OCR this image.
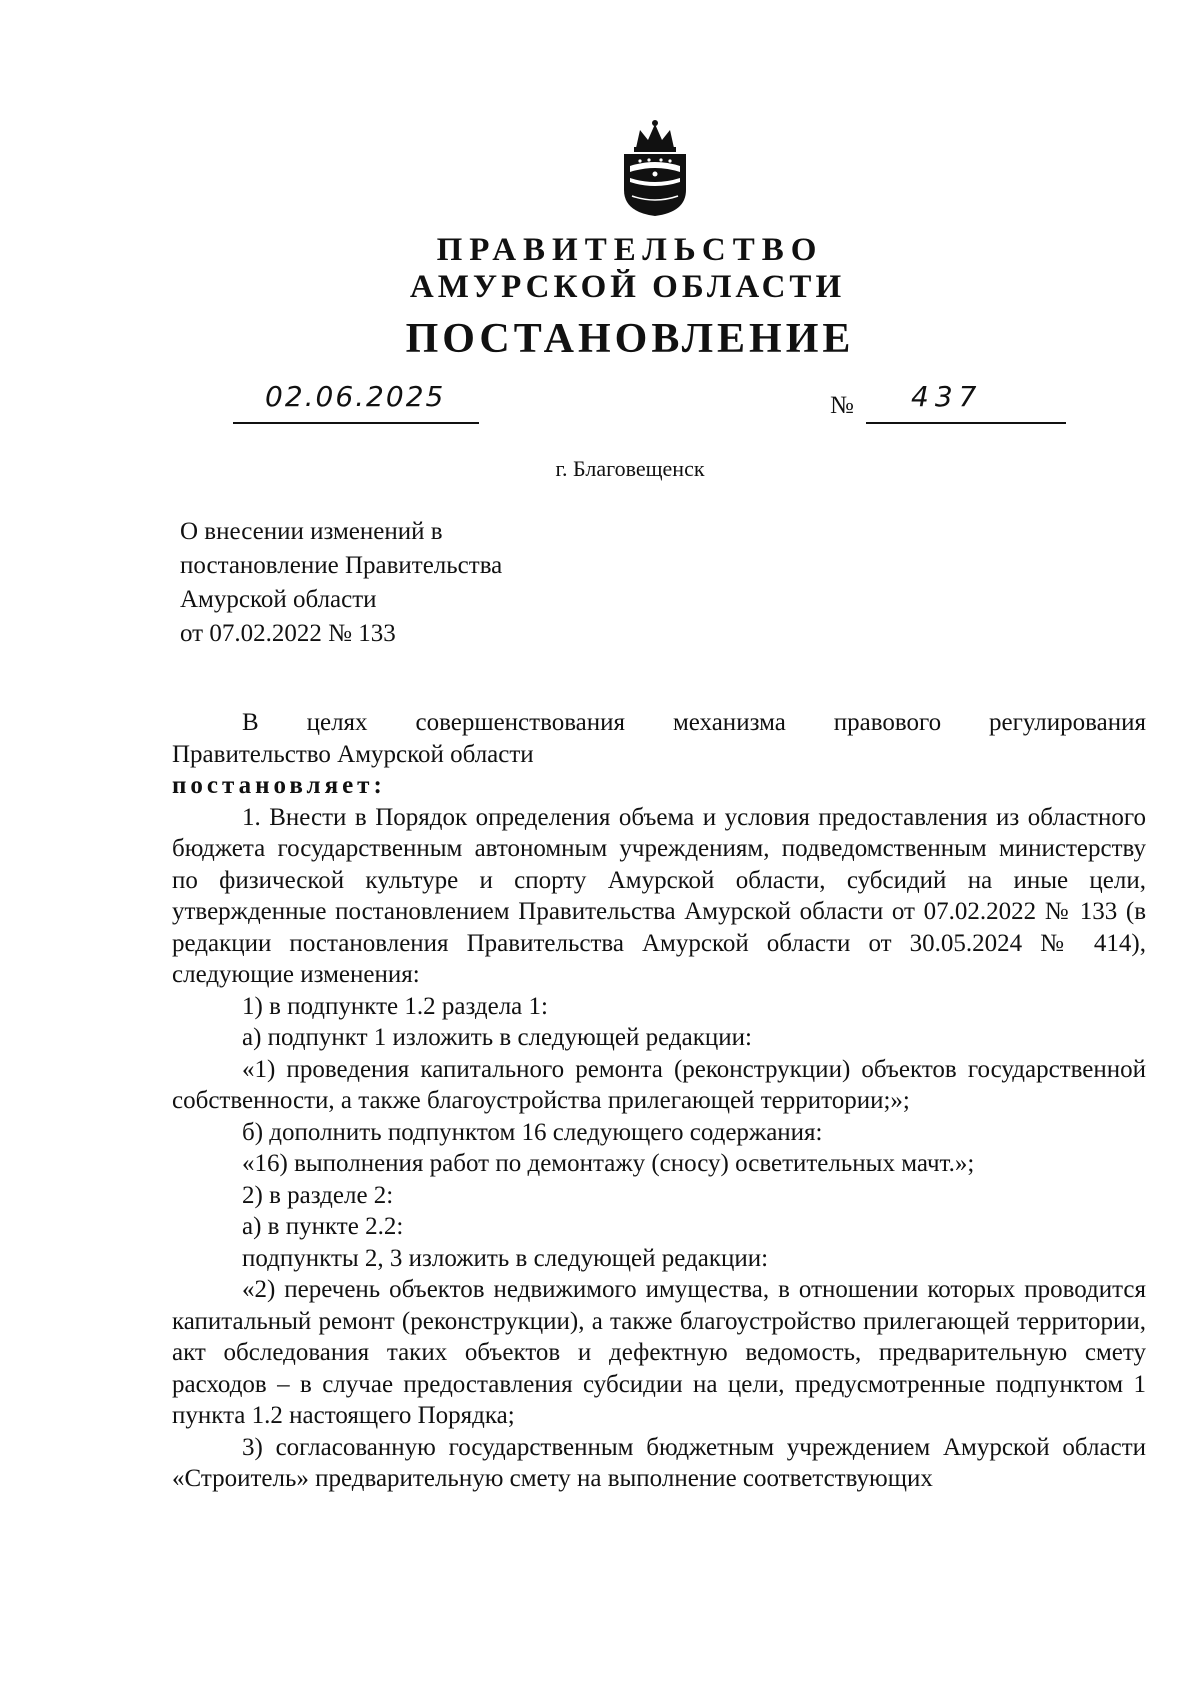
ПРАВИТЕЛЬСТВО
АМУРСКОЙ ОБЛАСТИ
ПОСТАНОВЛЕНИЕ
02.06.2025	№ 437
г. Благовещенск
О внесении изменений в
постановление Правительства
Амурской области
от 07.02.2022 № 133
В целях совершенствования механизма правового регулирования
Правительство Амурской области
постановляет:
1. Внести в Порядок определения объема и условия предоставления из областного бюджета государственным автономным учреждениям, подведомственным министерству по физической культуре и спорту Амурской области, субсидий на иные цели, утвержденные постановлением Правительства Амурской области от 07.02.2022 № 133 (в редакции постановления Правительства Амурской области от 30.05.2024 № 414), следующие изменения:
1) в подпункте 1.2 раздела 1:
а) подпункт 1 изложить в следующей редакции:
«1) проведения капитального ремонта (реконструкции) объектов государственной собственности, а также благоустройства прилегающей территории;»;
б) дополнить подпунктом 16 следующего содержания:
«16) выполнения работ по демонтажу (сносу) осветительных мачт.»;
2) в разделе 2:
а) в пункте 2.2:
подпункты 2, 3 изложить в следующей редакции:
«2) перечень объектов недвижимого имущества, в отношении которых проводится капитальный ремонт (реконструкции), а также благоустройство прилегающей территории, акт обследования таких объектов и дефектную ведомость, предварительную смету расходов – в случае предоставления субсидии на цели, предусмотренные подпунктом 1 пункта 1.2 настоящего Порядка;
3) согласованную государственным бюджетным учреждением Амурской области «Строитель» предварительную смету на выполнение соответствующих
